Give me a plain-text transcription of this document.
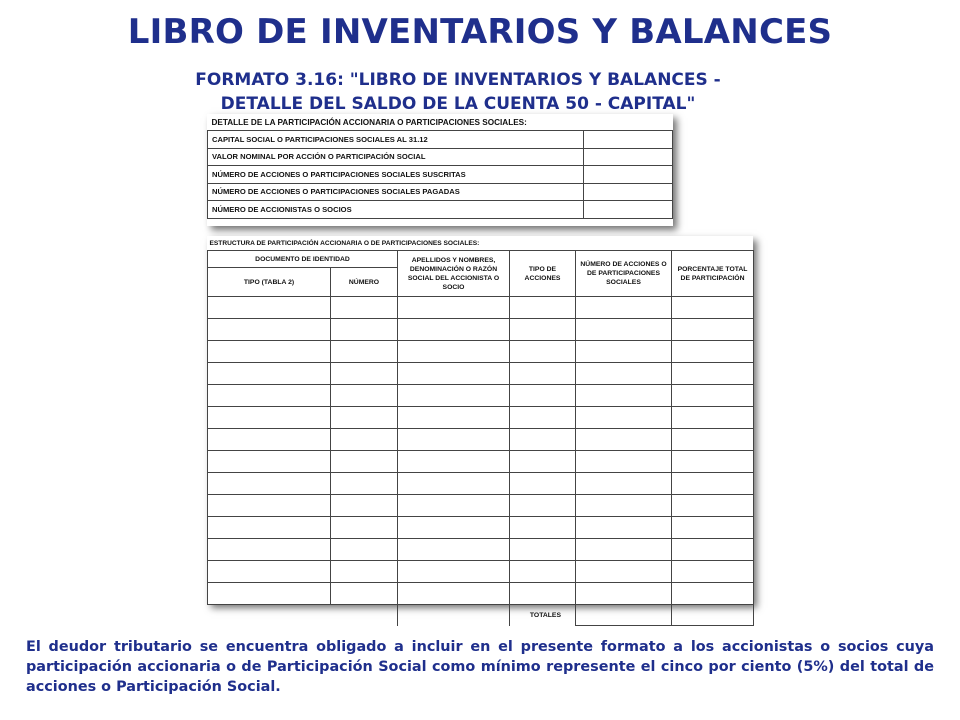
LIBRO DE INVENTARIOS Y BALANCES
FORMATO 3.16: "LIBRO DE INVENTARIOS Y BALANCES -
DETALLE DEL SALDO DE LA CUENTA 50 - CAPITAL"
DETALLE DE LA PARTICIPACIÓN ACCIONARIA O PARTICIPACIONES SOCIALES:	
CAPITAL SOCIAL O PARTICIPACIONES SOCIALES AL 31.12	
VALOR NOMINAL POR ACCIÓN O PARTICIPACIÓN SOCIAL	
NÚMERO DE ACCIONES O PARTICIPACIONES SOCIALES SUSCRITAS	
NÚMERO DE ACCIONES O PARTICIPACIONES SOCIALES PAGADAS	
NÚMERO DE ACCIONISTAS O SOCIOS	
ESTRUCTURA DE PARTICIPACIÓN ACCIONARIA O DE PARTICIPACIONES SOCIALES:					
DOCUMENTO DE IDENTIDAD		APELLIDOS Y NOMBRES, DENOMINACIÓN O RAZÓN SOCIAL DEL ACCIONISTA O SOCIO	TIPO DE ACCIONES	NÚMERO DE ACCIONES O DE PARTICIPACIONES SOCIALES	PORCENTAJE TOTAL DE PARTICIPACIÓN
TIPO (TABLA 2)	NÚMERO				

			TOTALES		
El deudor tributario se encuentra obligado a incluir en el presente formato a los accionistas o socios cuya participación accionaria o de Participación Social como mínimo represente el cinco por ciento (5%) del total de acciones o Participación Social.
